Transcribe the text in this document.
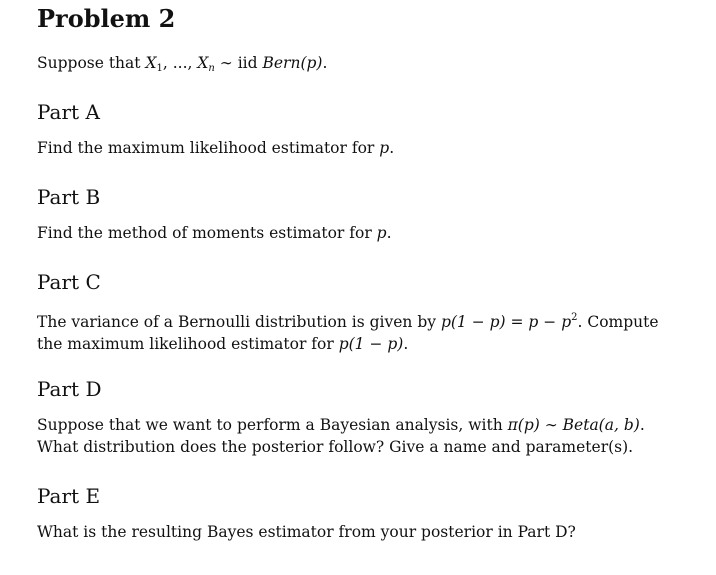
Problem 2

Suppose that $X_1$, ..., $X_n$ ∼ iid Bern(p).

Part A

Find the maximum likelihood estimator for p.

Part B

Find the method of moments estimator for p.

Part C

The variance of a Bernoulli distribution is given by $p(1 - p) = p - p^2$. Compute the maximum likelihood estimator for p(1 − p).

Part D

Suppose that we want to perform a Bayesian analysis, with π(p) ∼ Beta(a, b). What distribution does the posterior follow? Give a name and parameter(s).

Part E

What is the resulting Bayes estimator from your posterior in Part D?
